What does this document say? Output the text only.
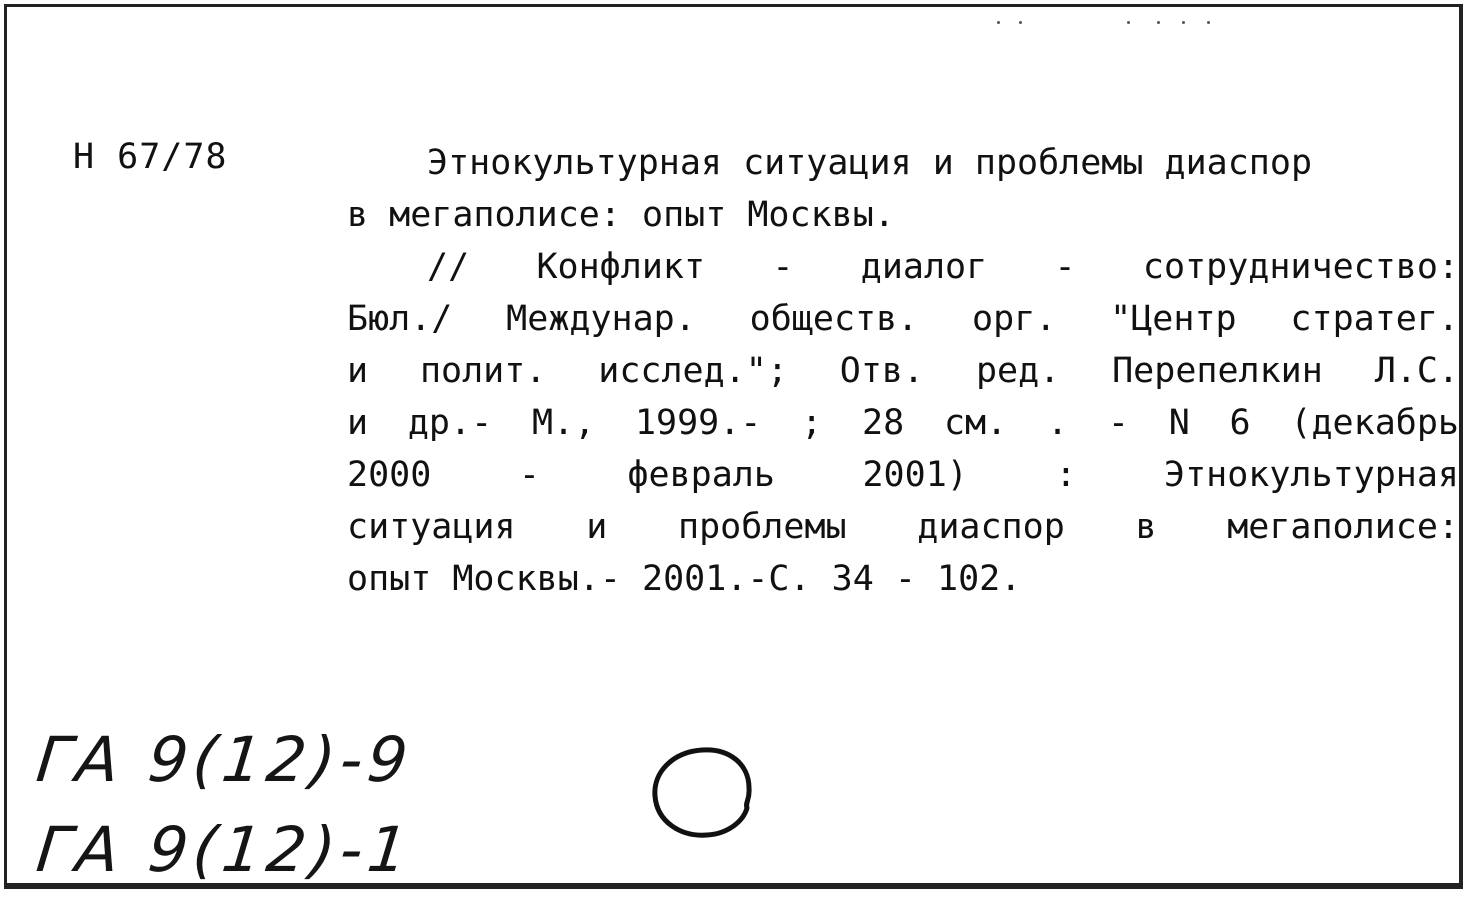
Н 67/78	Этнокультурная ситуация и проблемы диаспор
в мегаполисе: опыт Москвы.
// Конфликт - диалог - сотрудничество:
Бюл./ Междунар. обществ. орг. "Центр стратег.
и полит. исслед."; Отв. ред. Перепелкин Л.С.
и др.- М., 1999.- ; 28 см. . - N 6 (декабрь
2000 - февраль 2001) : Этнокультурная
ситуация и проблемы диаспор в мегаполисе:
опыт Москвы.- 2001.-С. 34 - 102.
ГА 9(12)-9
ГА 9(12)-1
